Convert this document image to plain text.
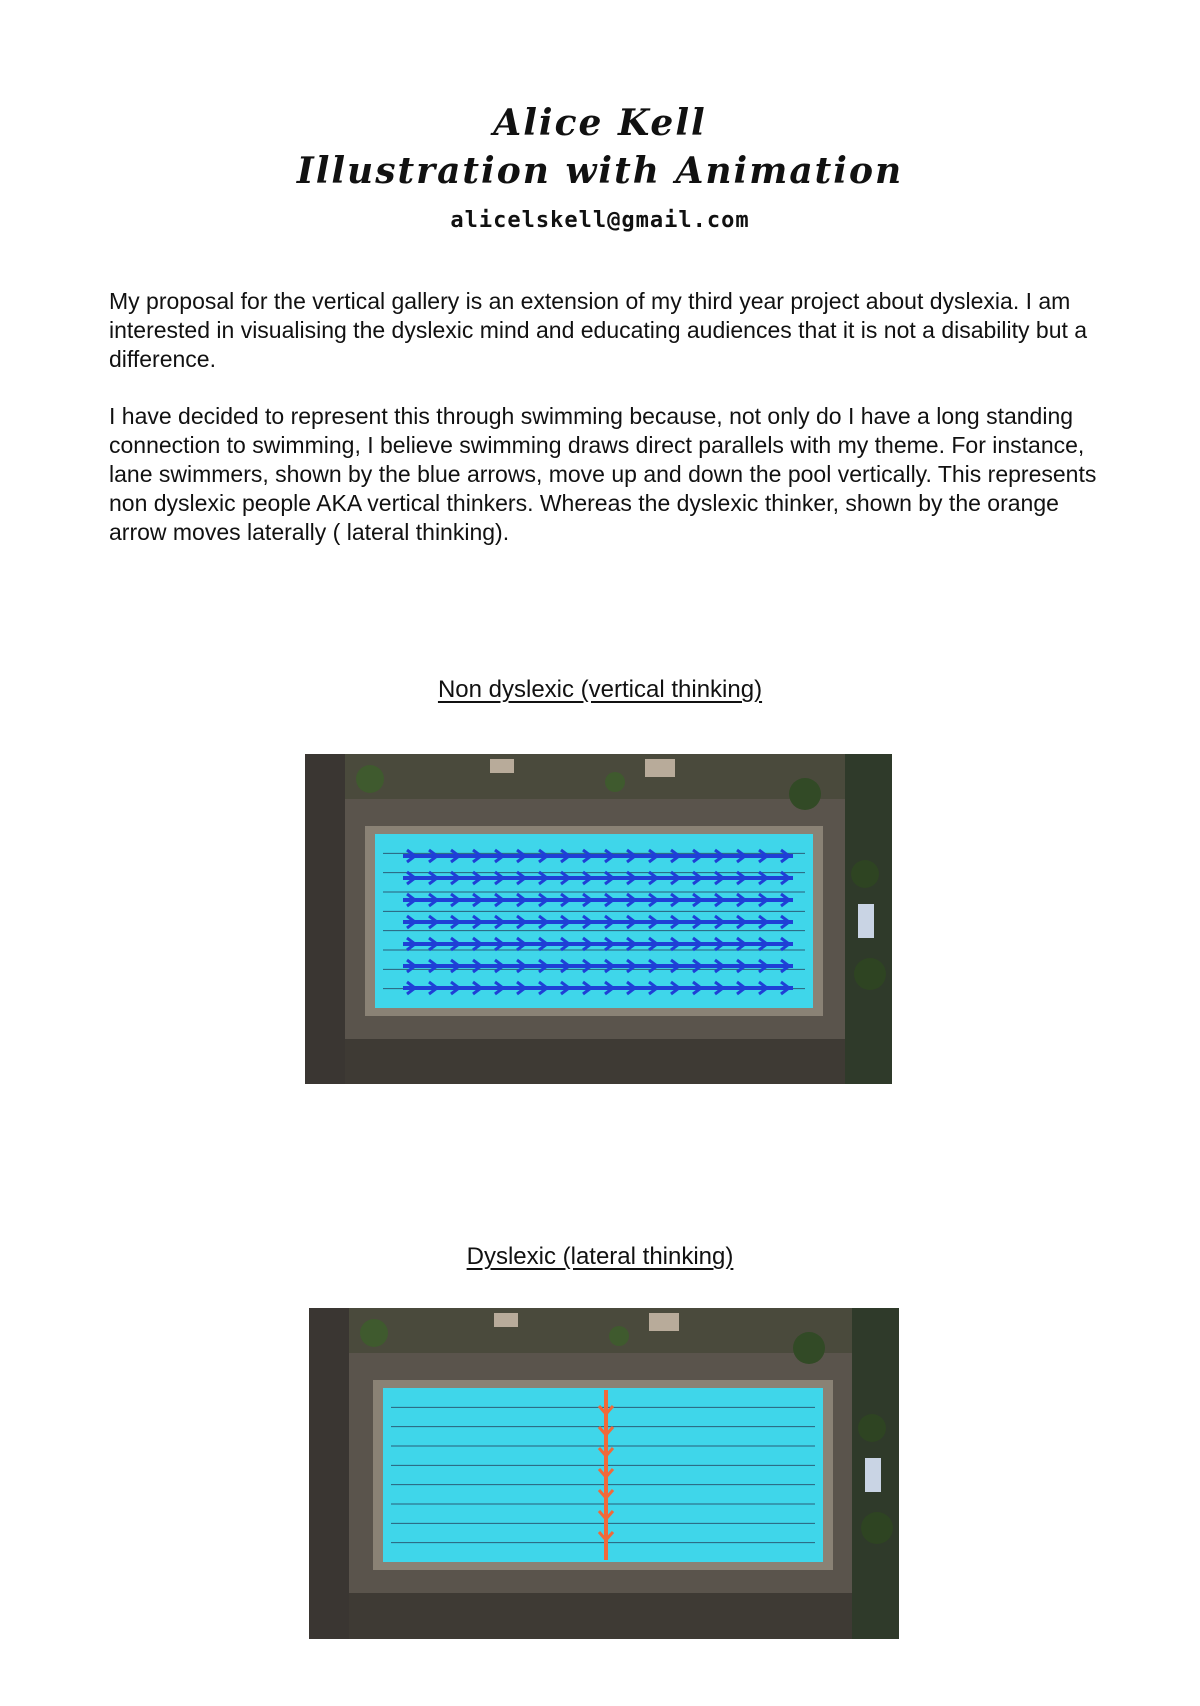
Alice Kell
Illustration with Animation
alicelskell@gmail.com

My proposal for the vertical gallery is an extension of my third year project about dyslexia. I am interested in visualising the dyslexic mind and educating audiences that it is not a disability but a difference.

I have decided to represent this through swimming because, not only do I have a long standing connection to swimming, I believe swimming draws direct parallels with my theme. For instance, lane swimmers, shown by the blue arrows, move up and down the pool vertically. This represents non dyslexic people AKA vertical thinkers. Whereas the dyslexic thinker, shown by the orange arrow moves laterally ( lateral thinking).

Non dyslexic (vertical thinking)
Dyslexic (lateral thinking)
